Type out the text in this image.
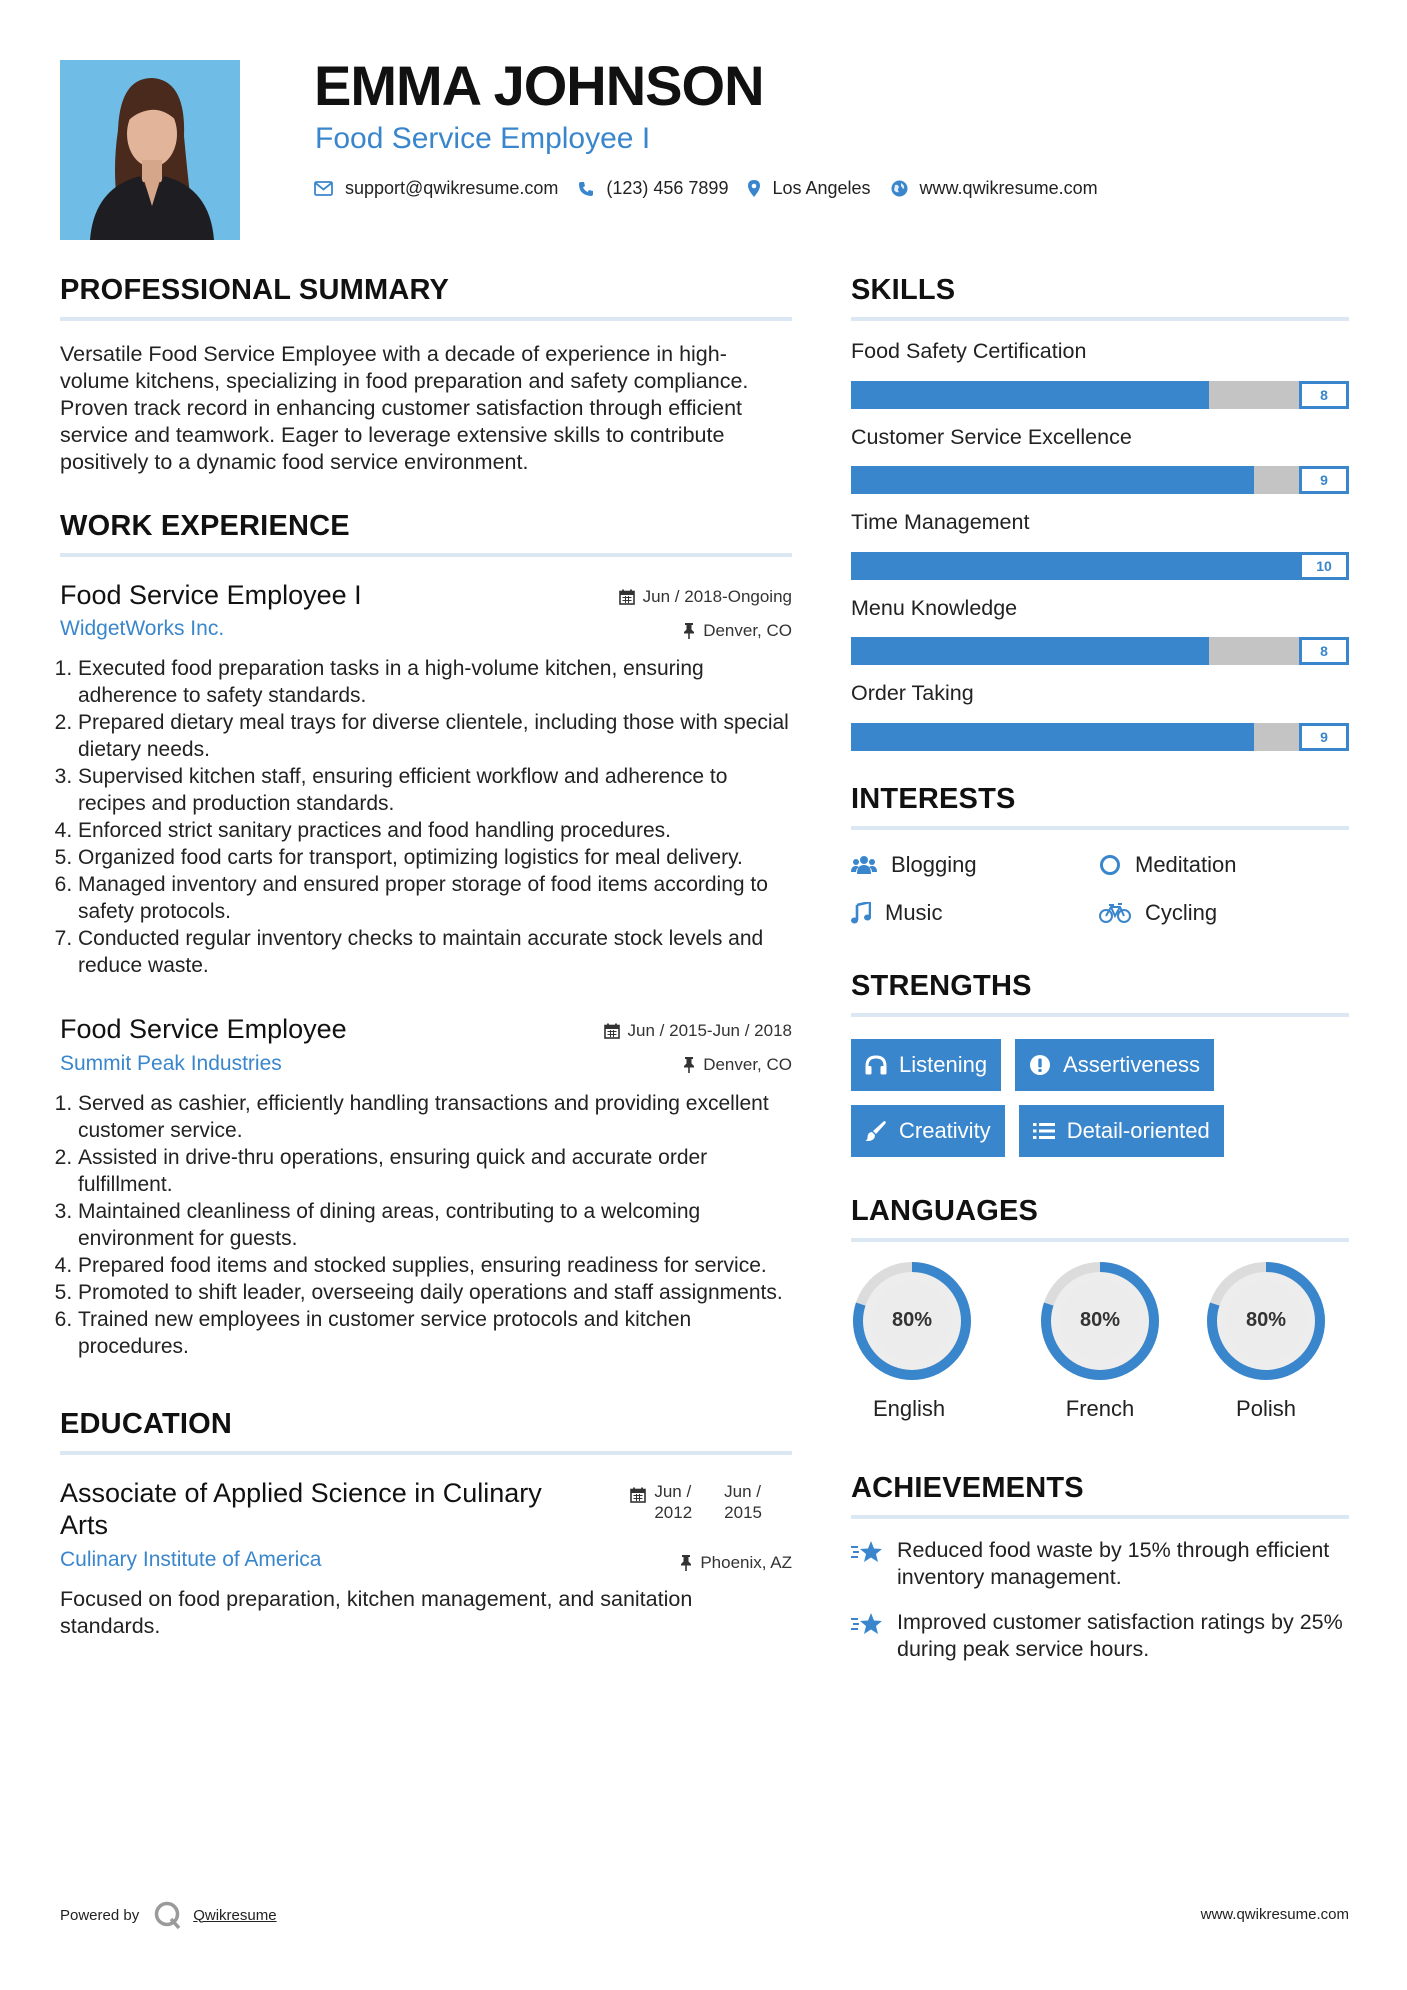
EMMA JOHNSON
Food Service Employee I
support@qwikresume.com	(123) 456 7899 Los Angeles	www.qwikresume.com
PROFESSIONAL SUMMARY
Versatile Food Service Employee with a decade of experience in high-volume kitchens, specializing in food preparation and safety compliance. Proven track record in enhancing customer satisfaction through efficient service and teamwork. Eager to leverage extensive skills to contribute positively to a dynamic food service environment.
WORK EXPERIENCE
Food Service Employee I	Jun / 2018-Ongoing
WidgetWorks Inc.	Denver, CO
1. Executed food preparation tasks in a high-volume kitchen, ensuring adherence to safety standards.
2. Prepared dietary meal trays for diverse clientele, including those with special dietary needs.
3. Supervised kitchen staff, ensuring efficient workflow and adherence to recipes and production standards.
4. Enforced strict sanitary practices and food handling procedures.
5. Organized food carts for transport, optimizing logistics for meal delivery.
6. Managed inventory and ensured proper storage of food items according to safety protocols.
7. Conducted regular inventory checks to maintain accurate stock levels and reduce waste.
Food Service Employee	Jun / 2015-Jun / 2018
Summit Peak Industries	Denver, CO
1. Served as cashier, efficiently handling transactions and providing excellent customer service.
2. Assisted in drive-thru operations, ensuring quick and accurate order fulfillment.
3. Maintained cleanliness of dining areas, contributing to a welcoming environment for guests.
4. Prepared food items and stocked supplies, ensuring readiness for service.
5. Promoted to shift leader, overseeing daily operations and staff assignments.
6. Trained new employees in customer service protocols and kitchen procedures.
EDUCATION
Associate of Applied Science in Culinary
Arts
Jun /
2012
Jun /
2015
Culinary Institute of America	Phoenix, AZ
Focused on food preparation, kitchen management, and sanitation standards.
SKILLS
Food Safety Certification
8
Customer Service Excellence
9
Time Management
10
Menu Knowledge
8
Order Taking
9
INTERESTS
Blogging	Meditation
Music	Cycling
STRENGTHS
Listening	Assertiveness
Creativity	Detail-oriented
LANGUAGES
80%
English
80%
French
80%
Polish
ACHIEVEMENTS
Reduced food waste by 15% through efficient inventory management.
Improved customer satisfaction ratings by 25% during peak service hours.
Powered by	Qwikresume	www.qwikresume.com
